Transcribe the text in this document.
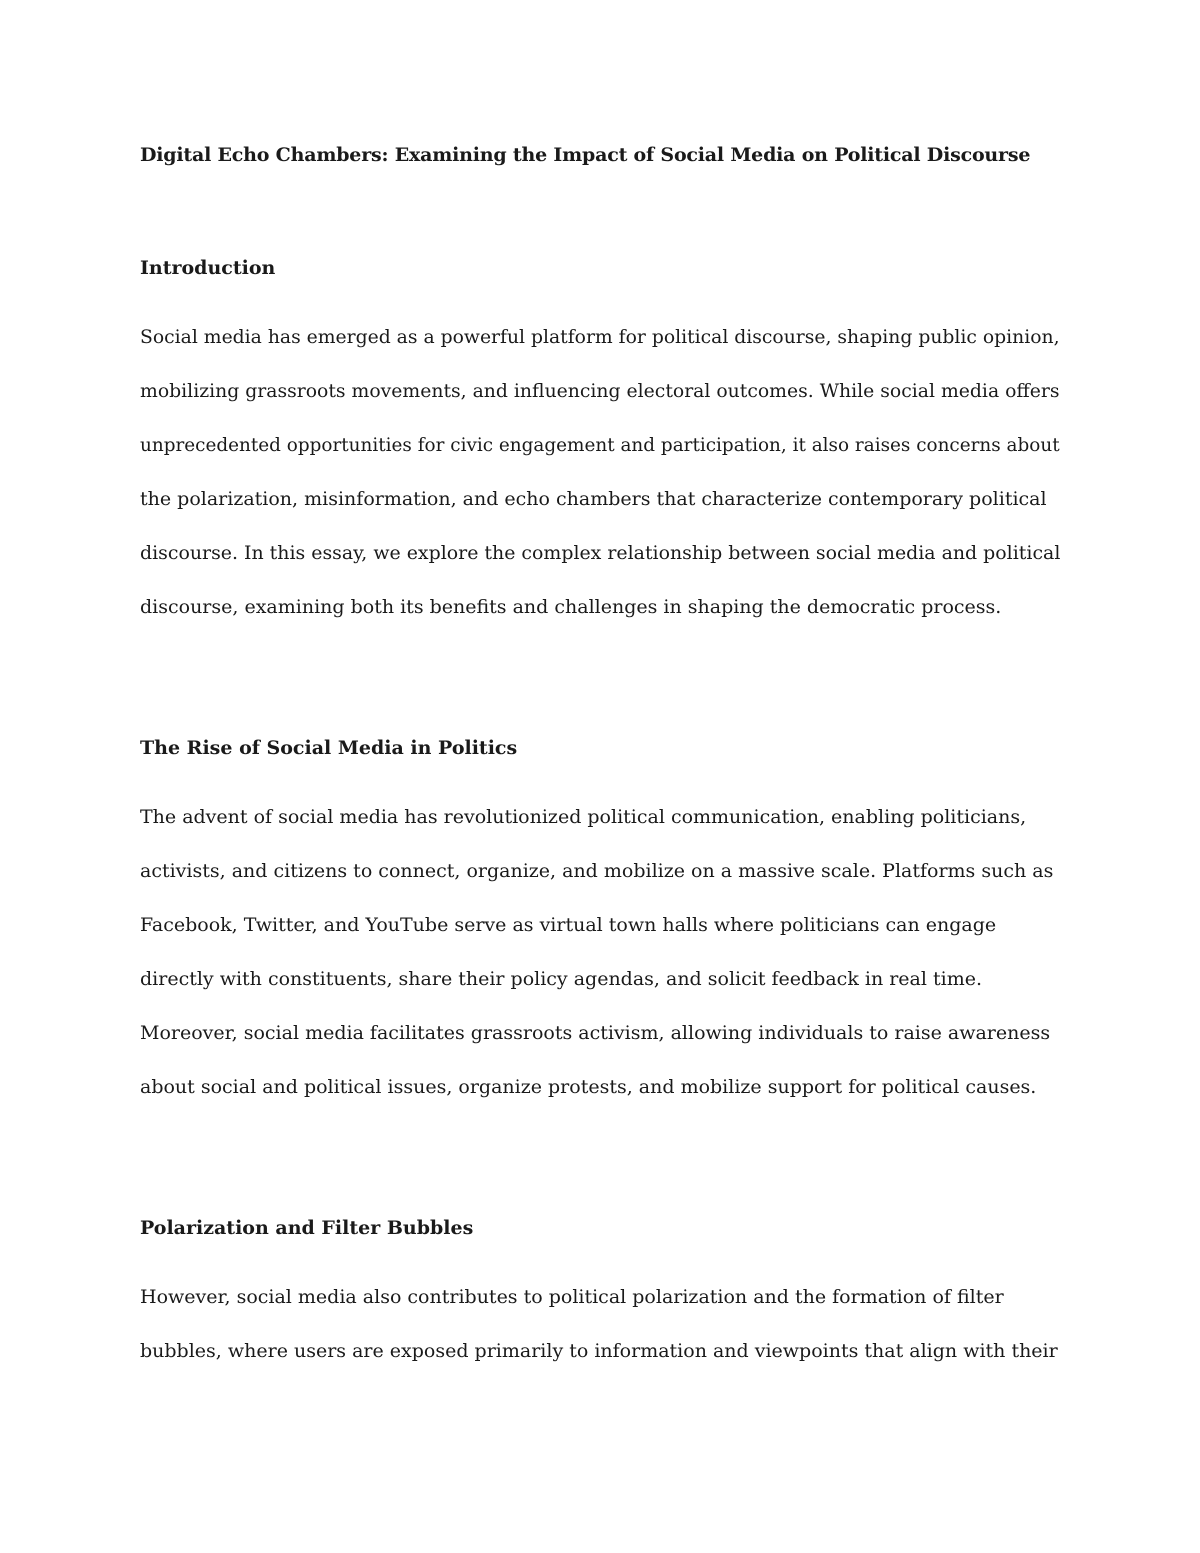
Digital Echo Chambers: Examining the Impact of Social Media on Political Discourse
Introduction
Social media has emerged as a powerful platform for political discourse, shaping public opinion, mobilizing grassroots movements, and influencing electoral outcomes. While social media offers unprecedented opportunities for civic engagement and participation, it also raises concerns about
the polarization, misinformation, and echo chambers that characterize contemporary political
discourse. In this essay, we explore the complex relationship between social media and political
discourse, examining both its benefits and challenges in shaping the democratic process.
The Rise of Social Media in Politics
The advent of social media has revolutionized political communication, enabling politicians,
activists, and citizens to connect, organize, and mobilize on a massive scale. Platforms such as
Facebook, Twitter, and YouTube serve as virtual town halls where politicians can engage
directly with constituents, share their policy agendas, and solicit feedback in real time.
Moreover, social media facilitates grassroots activism, allowing individuals to raise awareness
about social and political issues, organize protests, and mobilize support for political causes.
Polarization and Filter Bubbles
However, social media also contributes to political polarization and the formation of filter
bubbles, where users are exposed primarily to information and viewpoints that align with their
